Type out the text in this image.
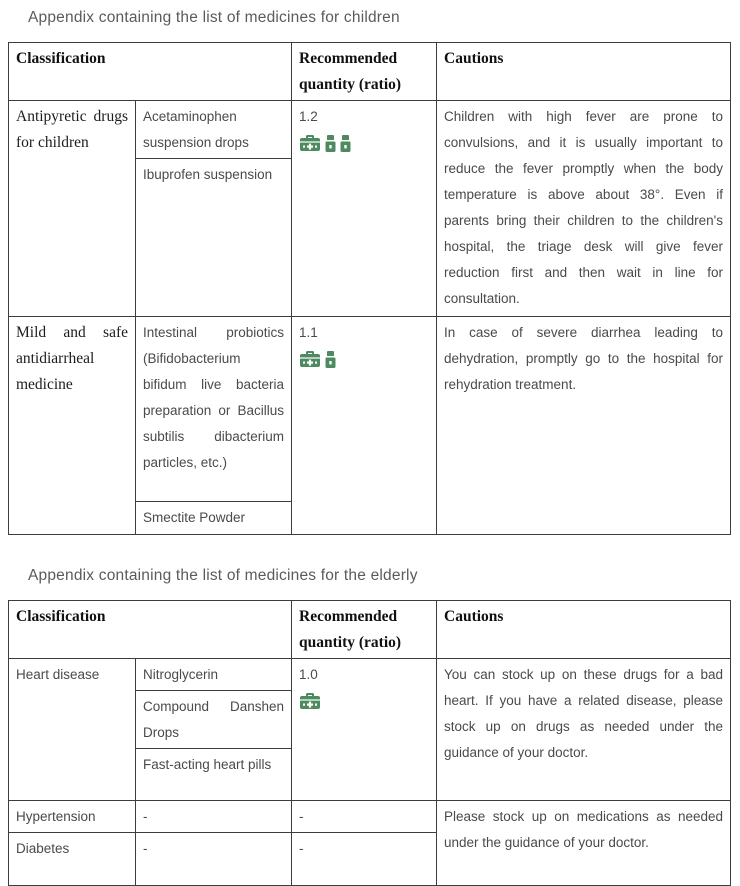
Appendix containing the list of medicines for children
Classification		Recommended quantity (ratio)	Cautions
Antipyretic drugs for children	Acetaminophen suspension drops	1.2	Children with high fever are prone to convulsions, and it is usually important to reduce the fever promptly when the body temperature is above about 38°. Even if parents bring their children to the children's hospital, the triage desk will give fever reduction first and then wait in line for consultation.
	Ibuprofen suspension		
Mild and safe antidiarrheal medicine	Intestinal probiotics (Bifidobacterium bifidum live bacteria preparation or Bacillus subtilis dibacterium particles, etc.)	1.1	In case of severe diarrhea leading to dehydration, promptly go to the hospital for rehydration treatment.
	Smectite Powder		
Appendix containing the list of medicines for the elderly
Classification		Recommended quantity (ratio)	Cautions
Heart disease	Nitroglycerin	1.0	You can stock up on these drugs for a bad heart. If you have a related disease, please stock up on drugs as needed under the guidance of your doctor.
	Compound Danshen Drops		
	Fast-acting heart pills		
Hypertension	-	-	Please stock up on medications as needed under the guidance of your doctor.
Diabetes	-	-	
